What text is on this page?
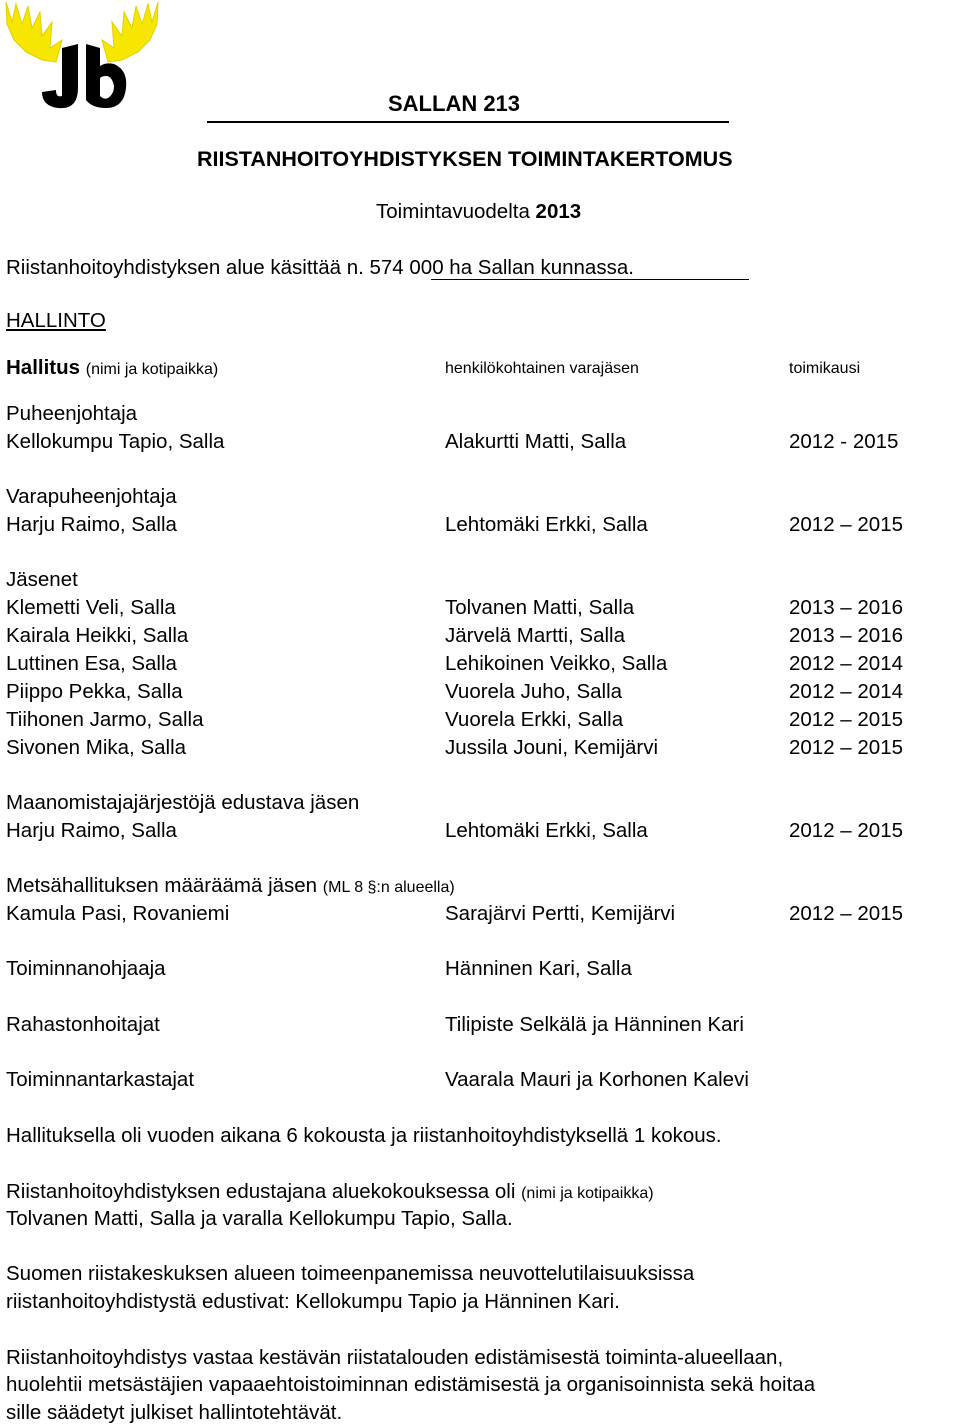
SALLAN 213
RIISTANHOITOYHDISTYKSEN TOIMINTAKERTOMUS
Toimintavuodelta 2013
Riistanhoitoyhdistyksen alue käsittää n. 574 000 ha Sallan kunnassa.
HALLINTO
Hallitus (nimi ja kotipaikka)	henkilökohtainen varajäsen	toimikausi
Puheenjohtaja
Kellokumpu Tapio, Salla	Alakurtti Matti, Salla	2012 - 2015
Varapuheenjohtaja
Harju Raimo, Salla	Lehtomäki Erkki, Salla	2012 – 2015
Jäsenet
Klemetti Veli, Salla	Tolvanen Matti, Salla	2013 – 2016
Kairala Heikki, Salla	Järvelä Martti, Salla	2013 – 2016
Luttinen Esa, Salla	Lehikoinen Veikko, Salla	2012 – 2014
Piippo Pekka, Salla	Vuorela Juho, Salla	2012 – 2014
Tiihonen Jarmo, Salla	Vuorela Erkki, Salla	2012 – 2015
Sivonen Mika, Salla	Jussila Jouni, Kemijärvi	2012 – 2015
Maanomistajajärjestöjä edustava jäsen
Harju Raimo, Salla	Lehtomäki Erkki, Salla	2012 – 2015
Metsähallituksen määräämä jäsen (ML 8 §:n alueella)
Kamula Pasi, Rovaniemi	Sarajärvi Pertti, Kemijärvi	2012 – 2015
Toiminnanohjaaja	Hänninen Kari, Salla
Rahastonhoitajat	Tilipiste Selkälä ja Hänninen Kari
Toiminnantarkastajat	Vaarala Mauri ja Korhonen Kalevi
Hallituksella oli vuoden aikana 6 kokousta ja riistanhoitoyhdistyksellä 1 kokous.
Riistanhoitoyhdistyksen edustajana aluekokouksessa oli (nimi ja kotipaikka)
Tolvanen Matti, Salla ja varalla Kellokumpu Tapio, Salla.
Suomen riistakeskuksen alueen toimeenpanemissa neuvottelutilaisuuksissa
riistanhoitoyhdistystä edustivat: Kellokumpu Tapio ja Hänninen Kari.
Riistanhoitoyhdistys vastaa kestävän riistatalouden edistämisestä toiminta-alueellaan,
huolehtii metsästäjien vapaaehtoistoiminnan edistämisestä ja organisoinnista sekä hoitaa
sille säädetyt julkiset hallintotehtävät.
